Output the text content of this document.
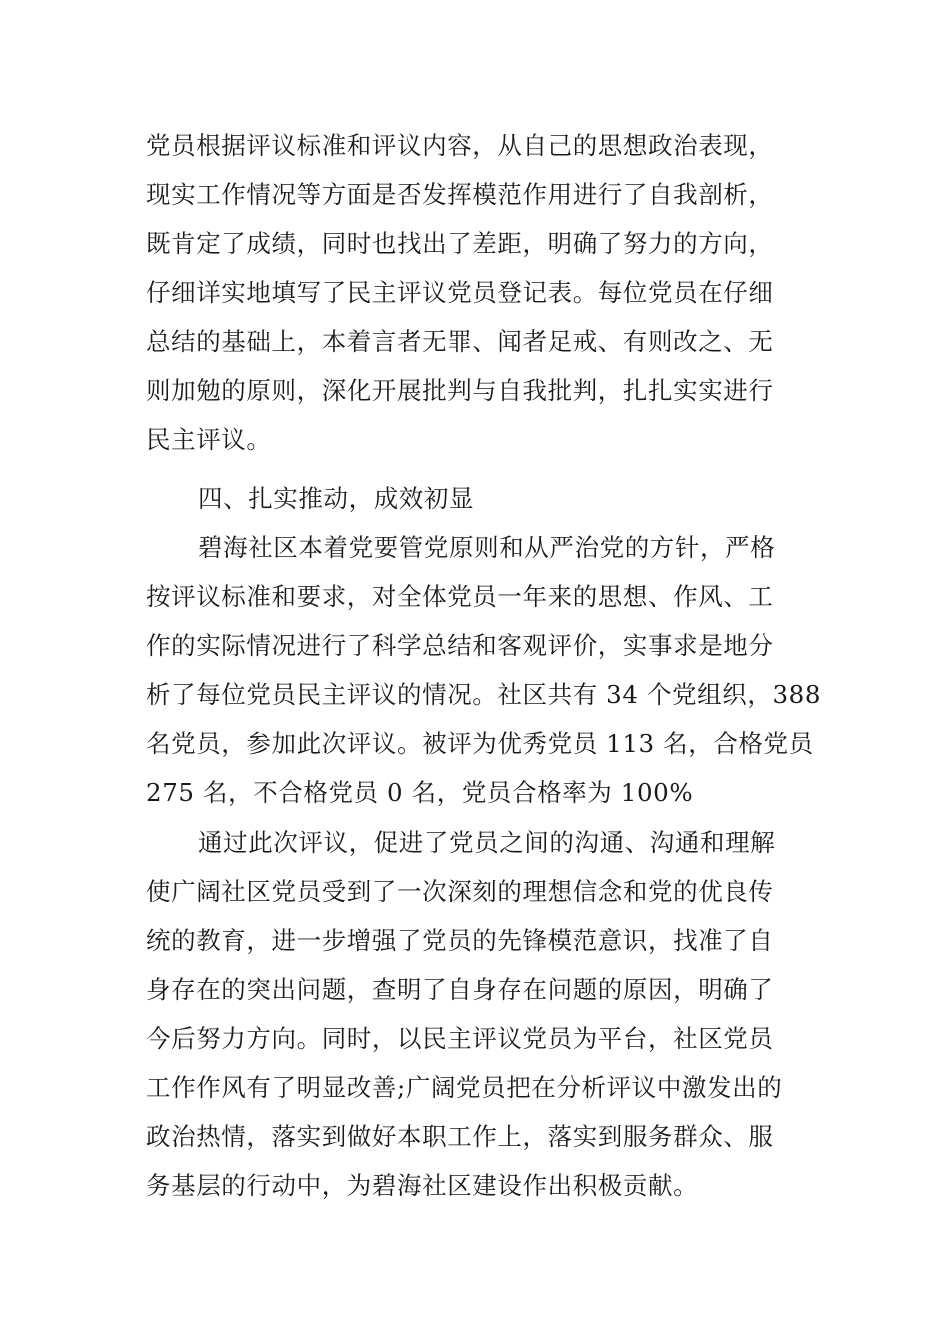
党员根据评议标准和评议内容，从自己的思想政治表现，
现实工作情况等方面是否发挥模范作用进行了自我剖析，
既肯定了成绩，同时也找出了差距，明确了努力的方向，
仔细详实地填写了民主评议党员登记表。每位党员在仔细
总结的基础上，本着言者无罪、闻者足戒、有则改之、无
则加勉的原则，深化开展批判与自我批判，扎扎实实进行
民主评议。
四、扎实推动，成效初显
碧海社区本着党要管党原则和从严治党的方针，严格
按评议标准和要求，对全体党员一年来的思想、作风、工
作的实际情况进行了科学总结和客观评价，实事求是地分
析了每位党员民主评议的情况。社区共有 34 个党组织，388
名党员，参加此次评议。被评为优秀党员 113 名，合格党员
275 名，不合格党员 0 名，党员合格率为 100%
通过此次评议，促进了党员之间的沟通、沟通和理解
使广阔社区党员受到了一次深刻的理想信念和党的优良传
统的教育，进一步增强了党员的先锋模范意识，找准了自
身存在的突出问题，查明了自身存在问题的原因，明确了
今后努力方向。同时，以民主评议党员为平台，社区党员
工作作风有了明显改善;广阔党员把在分析评议中激发出的
政治热情，落实到做好本职工作上，落实到服务群众、服
务基层的行动中，为碧海社区建设作出积极贡献。
